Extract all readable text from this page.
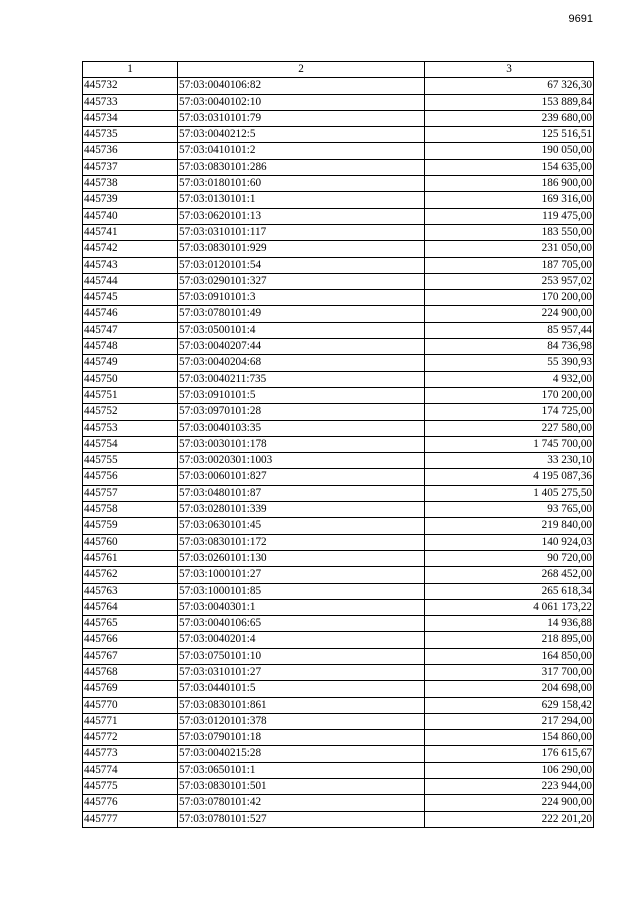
9691
1	2	3
445732	57:03:0040106:82	67 326,30
445733	57:03:0040102:10	153 889,84
445734	57:03:0310101:79	239 680,00
445735	57:03:0040212:5	125 516,51
445736	57:03:0410101:2	190 050,00
445737	57:03:0830101:286	154 635,00
445738	57:03:0180101:60	186 900,00
445739	57:03:0130101:1	169 316,00
445740	57:03:0620101:13	119 475,00
445741	57:03:0310101:117	183 550,00
445742	57:03:0830101:929	231 050,00
445743	57:03:0120101:54	187 705,00
445744	57:03:0290101:327	253 957,02
445745	57:03:0910101:3	170 200,00
445746	57:03:0780101:49	224 900,00
445747	57:03:0500101:4	85 957,44
445748	57:03:0040207:44	84 736,98
445749	57:03:0040204:68	55 390,93
445750	57:03:0040211:735	4 932,00
445751	57:03:0910101:5	170 200,00
445752	57:03:0970101:28	174 725,00
445753	57:03:0040103:35	227 580,00
445754	57:03:0030101:178	1 745 700,00
445755	57:03:0020301:1003	33 230,10
445756	57:03:0060101:827	4 195 087,36
445757	57:03:0480101:87	1 405 275,50
445758	57:03:0280101:339	93 765,00
445759	57:03:0630101:45	219 840,00
445760	57:03:0830101:172	140 924,03
445761	57:03:0260101:130	90 720,00
445762	57:03:1000101:27	268 452,00
445763	57:03:1000101:85	265 618,34
445764	57:03:0040301:1	4 061 173,22
445765	57:03:0040106:65	14 936,88
445766	57:03:0040201:4	218 895,00
445767	57:03:0750101:10	164 850,00
445768	57:03:0310101:27	317 700,00
445769	57:03:0440101:5	204 698,00
445770	57:03:0830101:861	629 158,42
445771	57:03:0120101:378	217 294,00
445772	57:03:0790101:18	154 860,00
445773	57:03:0040215:28	176 615,67
445774	57:03:0650101:1	106 290,00
445775	57:03:0830101:501	223 944,00
445776	57:03:0780101:42	224 900,00
445777	57:03:0780101:527	222 201,20
